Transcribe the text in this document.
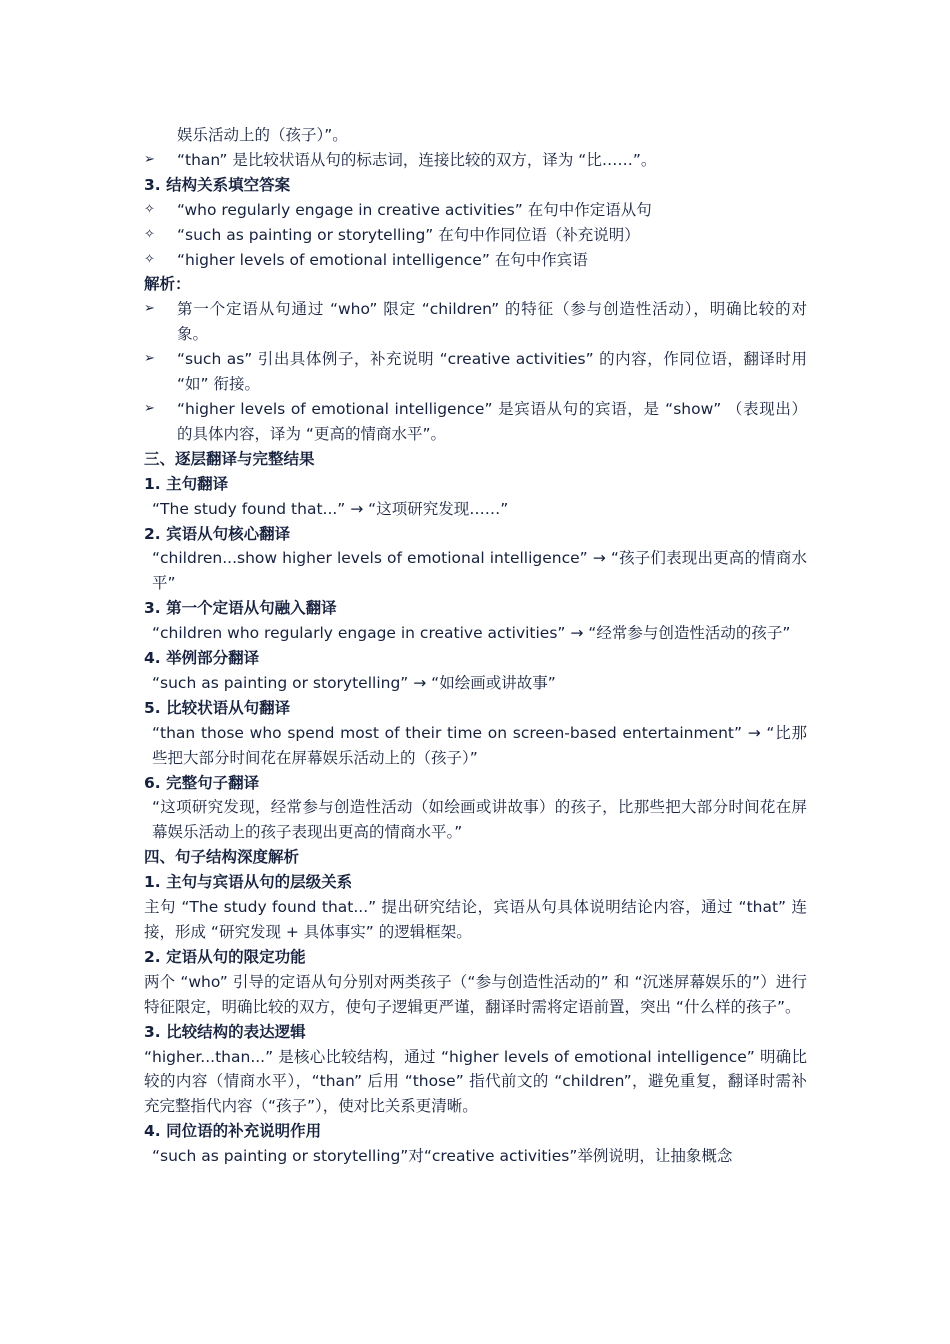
娱乐活动上的（孩子）”。
➢	“than” 是比较状语从句的标志词，连接比较的双方，译为 “比……”。
3. 结构关系填空答案
✧	“who regularly engage in creative activities” 在句中作定语从句
✧	“such as painting or storytelling” 在句中作同位语（补充说明）
✧	“higher levels of emotional intelligence” 在句中作宾语
解析：
➢	第一个定语从句通过 “who” 限定 “children” 的特征（参与创造性活动），明确比较的对象。
➢	“such as” 引出具体例子，补充说明 “creative activities” 的内容，作同位语，翻译时用 “如” 衔接。
➢	“higher levels of emotional intelligence” 是宾语从句的宾语，是 “show” （表现出）的具体内容，译为 “更高的情商水平”。
三、逐层翻译与完整结果
1. 主句翻译
“The study found that...” → “这项研究发现……”
2. 宾语从句核心翻译
“children...show higher levels of emotional intelligence” → “孩子们表现出更高的情商水平”
3. 第一个定语从句融入翻译
“children who regularly engage in creative activities” → “经常参与创造性活动的孩子”
4. 举例部分翻译
“such as painting or storytelling” → “如绘画或讲故事”
5. 比较状语从句翻译
“than those who spend most of their time on screen-based entertainment” → “比那些把大部分时间花在屏幕娱乐活动上的（孩子）”
6. 完整句子翻译
“这项研究发现，经常参与创造性活动（如绘画或讲故事）的孩子，比那些把大部分时间花在屏幕娱乐活动上的孩子表现出更高的情商水平。”
四、句子结构深度解析
1. 主句与宾语从句的层级关系
主句 “The study found that...” 提出研究结论，宾语从句具体说明结论内容，通过 “that” 连接，形成 “研究发现 + 具体事实” 的逻辑框架。
2. 定语从句的限定功能
两个 “who” 引导的定语从句分别对两类孩子（“参与创造性活动的” 和 “沉迷屏幕娱乐的”）进行特征限定，明确比较的双方，使句子逻辑更严谨，翻译时需将定语前置，突出 “什么样的孩子”。
3. 比较结构的表达逻辑
“higher...than...” 是核心比较结构，通过 “higher levels of emotional intelligence” 明确比较的内容（情商水平），“than” 后用 “those” 指代前文的 “children”，避免重复，翻译时需补充完整指代内容（“孩子”），使对比关系更清晰。
4. 同位语的补充说明作用
“such as painting or storytelling”对“creative activities”举例说明，让抽象概念
